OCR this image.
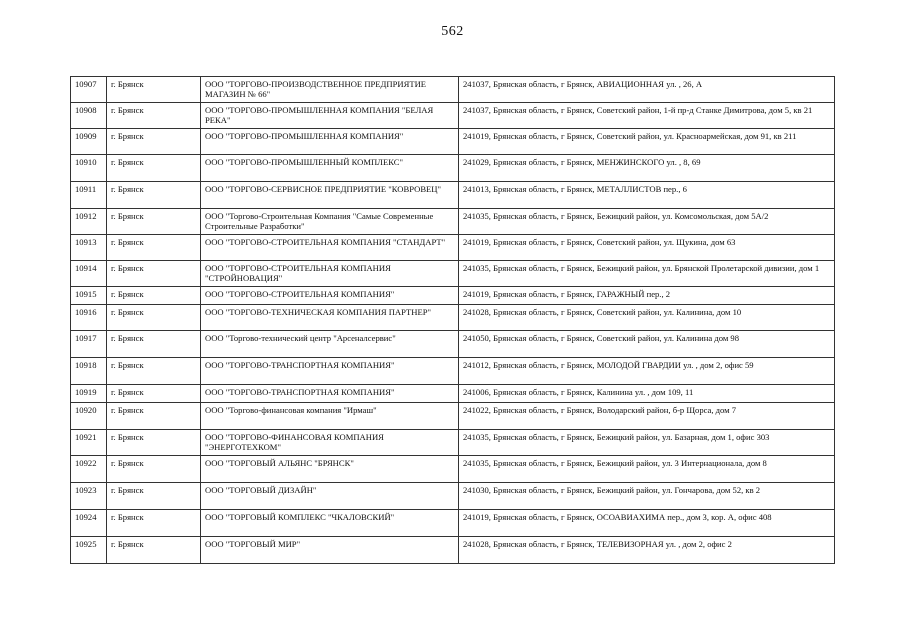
562
10907	г. Брянск	ООО "ТОРГОВО-ПРОИЗВОДСТВЕННОЕ ПРЕДПРИЯТИЕ МАГАЗИН № 66"	241037, Брянская область, г Брянск, АВИАЦИОННАЯ ул. , 26, А
10908	г. Брянск	ООО "ТОРГОВО-ПРОМЫШЛЕННАЯ КОМПАНИЯ "БЕЛАЯ РЕКА"	241037, Брянская область, г Брянск, Советский район, 1-й пр-д Станке Димитрова, дом 5, кв 21
10909	г. Брянск	ООО "ТОРГОВО-ПРОМЫШЛЕННАЯ КОМПАНИЯ"	241019, Брянская область, г Брянск, Советский район, ул. Красноармейская, дом 91, кв 211
10910	г. Брянск	ООО "ТОРГОВО-ПРОМЫШЛЕННЫЙ КОМПЛЕКС"	241029, Брянская область, г Брянск, МЕНЖИНСКОГО ул. , 8, 69
10911	г. Брянск	ООО "ТОРГОВО-СЕРВИСНОЕ ПРЕДПРИЯТИЕ "КОВРОВЕЦ"	241013, Брянская область, г Брянск, МЕТАЛЛИСТОВ пер., 6
10912	г. Брянск	ООО "Торгово-Строительная Компания "Самые Современные Строительные Разработки"	241035, Брянская область, г Брянск, Бежицкий район, ул. Комсомольская, дом 5А/2
10913	г. Брянск	ООО "ТОРГОВО-СТРОИТЕЛЬНАЯ КОМПАНИЯ "СТАНДАРТ"	241019, Брянская область, г Брянск, Советский район, ул. Щукина, дом 63
10914	г. Брянск	ООО "ТОРГОВО-СТРОИТЕЛЬНАЯ КОМПАНИЯ "СТРОЙНОВАЦИЯ"	241035, Брянская область, г Брянск, Бежицкий район, ул. Брянской Пролетарской дивизии, дом 1
10915	г. Брянск	ООО "ТОРГОВО-СТРОИТЕЛЬНАЯ КОМПАНИЯ"	241019, Брянская область, г Брянск, ГАРАЖНЫЙ пер., 2
10916	г. Брянск	ООО "ТОРГОВО-ТЕХНИЧЕСКАЯ КОМПАНИЯ ПАРТНЕР"	241028, Брянская область, г Брянск, Советский район, ул. Калинина, дом 10
10917	г. Брянск	ООО "Торгово-технический центр "Арсеналсервис"	241050, Брянская область, г Брянск, Советский район, ул. Калинина дом 98
10918	г. Брянск	ООО "ТОРГОВО-ТРАНСПОРТНАЯ КОМПАНИЯ"	241012, Брянская область, г Брянск, МОЛОДОЙ ГВАРДИИ ул. , дом 2, офис 59
10919	г. Брянск	ООО "ТОРГОВО-ТРАНСПОРТНАЯ КОМПАНИЯ"	241006, Брянская область, г Брянск, Калинина ул. , дом 109, 11
10920	г. Брянск	ООО "Торгово-финансовая компания "Ирмаш"	241022, Брянская область, г Брянск, Володарский район, б-р Щорса, дом 7
10921	г. Брянск	ООО "ТОРГОВО-ФИНАНСОВАЯ КОМПАНИЯ "ЭНЕРГОТЕХКОМ"	241035, Брянская область, г Брянск, Бежицкий район, ул. Базарная, дом 1, офис 303
10922	г. Брянск	ООО "ТОРГОВЫЙ АЛЬЯНС "БРЯНСК"	241035, Брянская область, г Брянск, Бежицкий район, ул. 3 Интернационала, дом 8
10923	г. Брянск	ООО "ТОРГОВЫЙ ДИЗАЙН"	241030, Брянская область, г Брянск, Бежицкий район, ул. Гончарова, дом 52, кв 2
10924	г. Брянск	ООО "ТОРГОВЫЙ КОМПЛЕКС "ЧКАЛОВСКИЙ"	241019, Брянская область, г Брянск, ОСОАВИАХИМА пер., дом 3, кор. А, офис 408
10925	г. Брянск	ООО "ТОРГОВЫЙ МИР"	241028, Брянская область, г Брянск, ТЕЛЕВИЗОРНАЯ ул. , дом 2, офис 2
